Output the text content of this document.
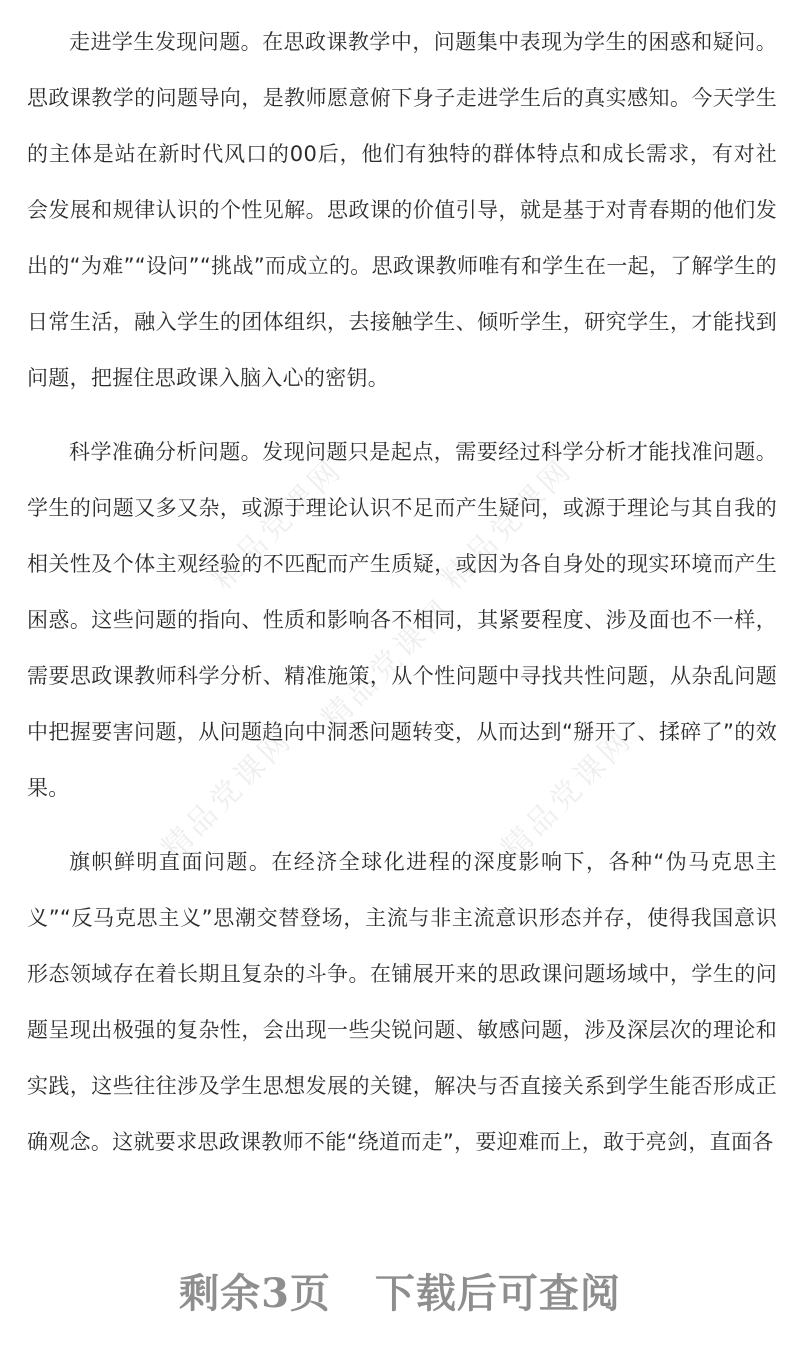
精品党课网	精品党课网
精品党课网	精品党课网
精品党课网

走进学生发现问题。在思政课教学中，问题集中表现为学生的困惑和疑问。思政课教学的问题导向，是教师愿意俯下身子走进学生后的真实感知。今天学生的主体是站在新时代风口的00后，他们有独特的群体特点和成长需求，有对社会发展和规律认识的个性见解。思政课的价值引导，就是基于对青春期的他们发出的“为难”“设问”“挑战”而成立的。思政课教师唯有和学生在一起，了解学生的日常生活，融入学生的团体组织，去接触学生、倾听学生，研究学生，才能找到问题，把握住思政课入脑入心的密钥。

科学准确分析问题。发现问题只是起点，需要经过科学分析才能找准问题。学生的问题又多又杂，或源于理论认识不足而产生疑问，或源于理论与其自我的相关性及个体主观经验的不匹配而产生质疑，或因为各自身处的现实环境而产生困惑。这些问题的指向、性质和影响各不相同，其紧要程度、涉及面也不一样，需要思政课教师科学分析、精准施策，从个性问题中寻找共性问题，从杂乱问题中把握要害问题，从问题趋向中洞悉问题转变，从而达到“掰开了、揉碎了”的效果。

旗帜鲜明直面问题。在经济全球化进程的深度影响下，各种“伪马克思主义”“反马克思主义”思潮交替登场，主流与非主流意识形态并存，使得我国意识形态领域存在着长期且复杂的斗争。在铺展开来的思政课问题场域中，学生的问题呈现出极强的复杂性，会出现一些尖锐问题、敏感问题，涉及深层次的理论和实践，这些往往涉及学生思想发展的关键，解决与否直接关系到学生能否形成正确观念。这就要求思政课教师不能“绕道而走”，要迎难而上，敢于亮剑，直面各

剩余3页 下载后可查阅
